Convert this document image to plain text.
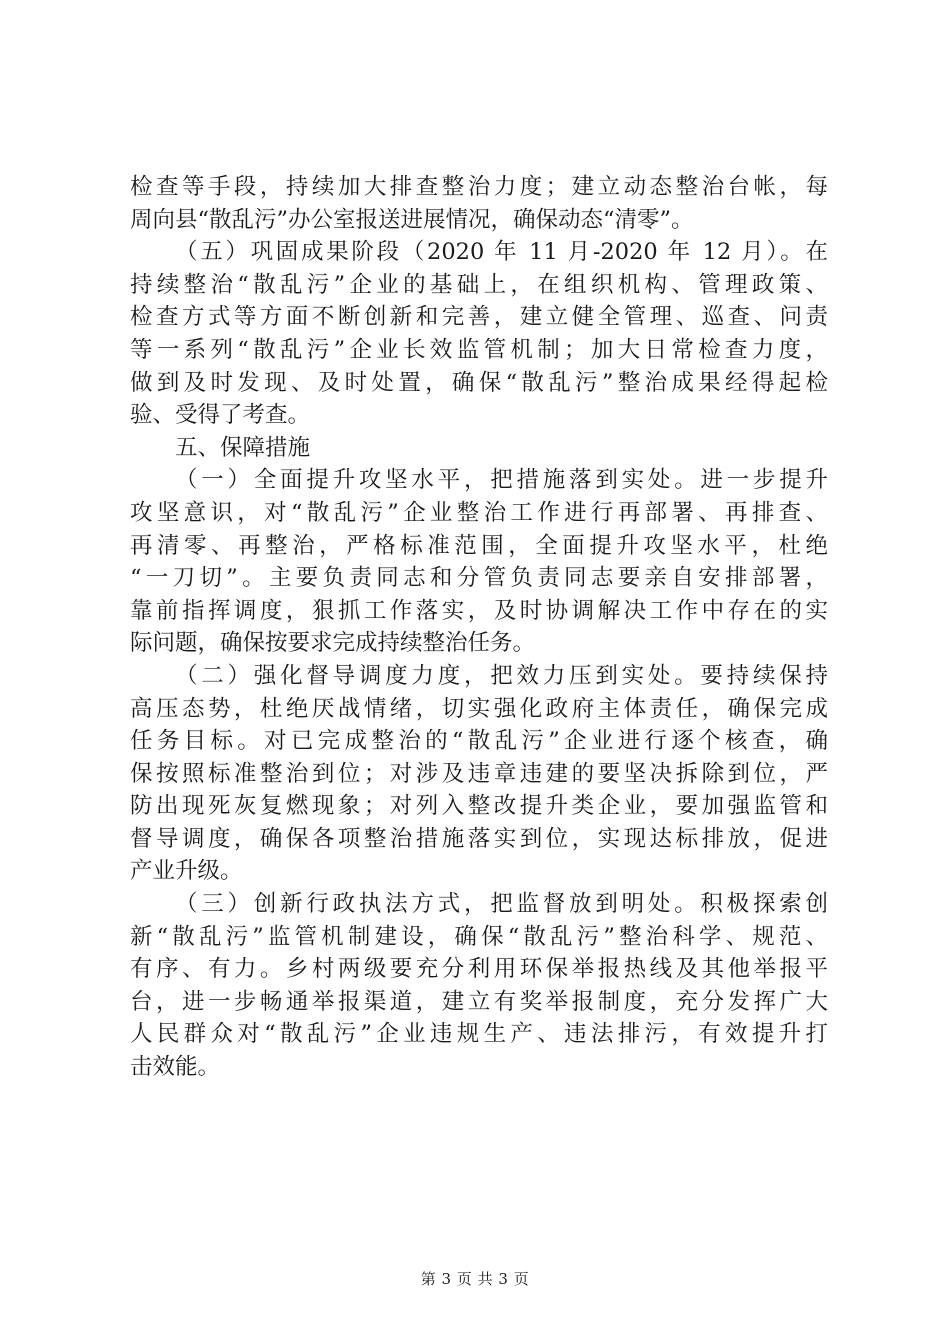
检查等手段，持续加大排查整治力度；建立动态整治台帐，每
周向县“散乱污”办公室报送进展情况，确保动态“清零”。
（五）巩固成果阶段（2020 年 11 月-2020 年 12 月）。在
持续整治“散乱污”企业的基础上，在组织机构、管理政策、
检查方式等方面不断创新和完善，建立健全管理、巡查、问责
等一系列“散乱污”企业长效监管机制；加大日常检查力度，
做到及时发现、及时处置，确保“散乱污”整治成果经得起检
验、受得了考查。
五、保障措施
（一）全面提升攻坚水平，把措施落到实处。进一步提升
攻坚意识，对“散乱污”企业整治工作进行再部署、再排查、
再清零、再整治，严格标准范围，全面提升攻坚水平，杜绝
“一刀切”。主要负责同志和分管负责同志要亲自安排部署，
靠前指挥调度，狠抓工作落实，及时协调解决工作中存在的实
际问题，确保按要求完成持续整治任务。
（二）强化督导调度力度，把效力压到实处。要持续保持
高压态势，杜绝厌战情绪，切实强化政府主体责任，确保完成
任务目标。对已完成整治的“散乱污”企业进行逐个核查，确
保按照标准整治到位；对涉及违章违建的要坚决拆除到位，严
防出现死灰复燃现象；对列入整改提升类企业，要加强监管和
督导调度，确保各项整治措施落实到位，实现达标排放，促进
产业升级。
（三）创新行政执法方式，把监督放到明处。积极探索创
新“散乱污”监管机制建设，确保“散乱污”整治科学、规范、
有序、有力。乡村两级要充分利用环保举报热线及其他举报平
台，进一步畅通举报渠道，建立有奖举报制度，充分发挥广大
人民群众对“散乱污”企业违规生产、违法排污，有效提升打
击效能。
第 3 页 共 3 页
